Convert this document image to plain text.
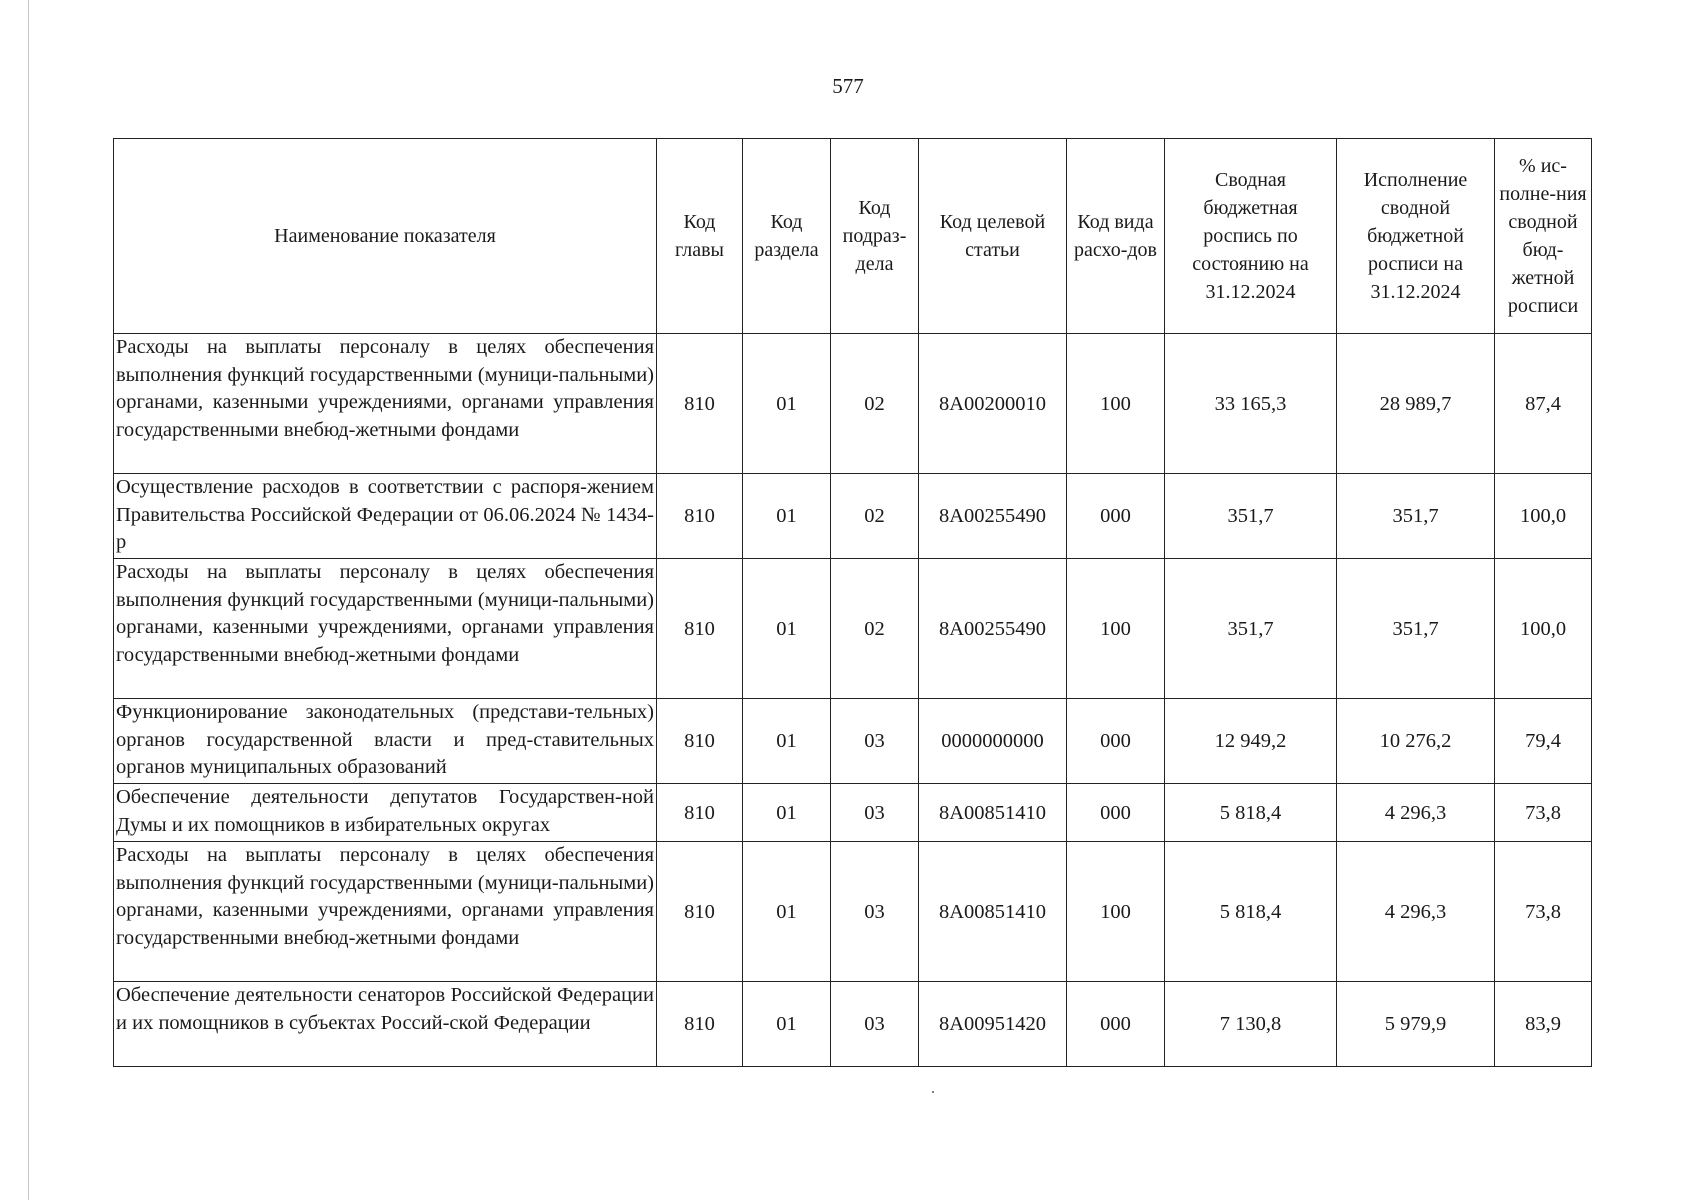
577
Наименование показателя	Код главы	Код раздела	Код подраз-дела	Код целевой статьи	Код вида расхо-дов	Сводная бюджетная роспись по состоянию на 31.12.2024	Исполнение сводной бюджетной росписи на 31.12.2024	% ис-полне-ния сводной бюд-жетной росписи
Расходы на выплаты персоналу в целях обеспечения выполнения функций государственными (муници-пальными) органами, казенными учреждениями, органами управления государственными внебюд-жетными фондами	810	01	02	8А00200010	100	33 165,3	28 989,7	87,4
Осуществление расходов в соответствии с распоря-жением Правительства Российской Федерации от 06.06.2024 № 1434-р	810	01	02	8А00255490	000	351,7	351,7	100,0
Расходы на выплаты персоналу в целях обеспечения выполнения функций государственными (муници-пальными) органами, казенными учреждениями, органами управления государственными внебюд-жетными фондами	810	01	02	8А00255490	100	351,7	351,7	100,0
Функционирование законодательных (представи-тельных) органов государственной власти и пред-ставительных органов муниципальных образований	810	01	03	0000000000	000	12 949,2	10 276,2	79,4
Обеспечение деятельности депутатов Государствен-ной Думы и их помощников в избирательных округах	810	01	03	8А00851410	000	5 818,4	4 296,3	73,8
Расходы на выплаты персоналу в целях обеспечения выполнения функций государственными (муници-пальными) органами, казенными учреждениями, органами управления государственными внебюд-жетными фондами	810	01	03	8А00851410	100	5 818,4	4 296,3	73,8
Обеспечение деятельности сенаторов Российской Федерации и их помощников в субъектах Россий-ской Федерации	810	01	03	8А00951420	000	7 130,8	5 979,9	83,9
